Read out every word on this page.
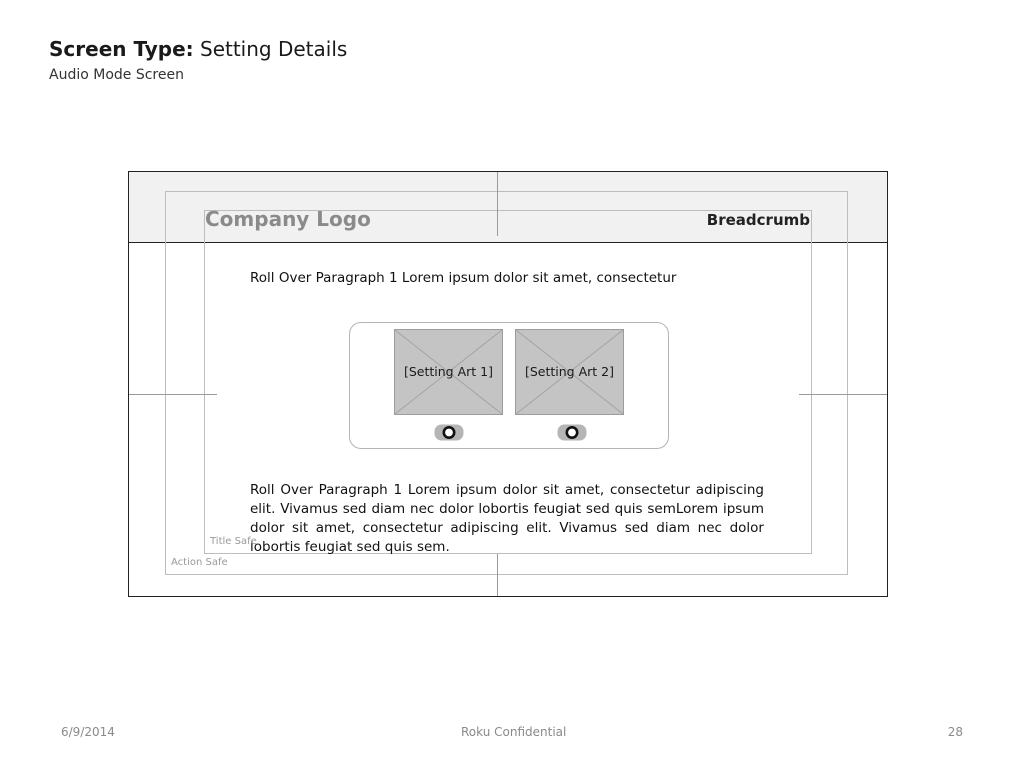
Screen Type: Setting Details
Audio Mode Screen
Company Logo	Breadcrumb
Roll Over Paragraph 1 Lorem ipsum dolor sit amet, consectetur
[Setting Art 1]	[Setting Art 2]
Roll Over Paragraph 1 Lorem ipsum dolor sit amet, consectetur adipiscing elit. Vivamus sed diam nec dolor lobortis feugiat sed quis semLorem ipsum dolor sit amet, consectetur adipiscing elit. Vivamus sed diam nec dolor lobortis feugiat sed quis sem.
Title Safe
Action Safe
6/9/2014	Roku Confidential	28
